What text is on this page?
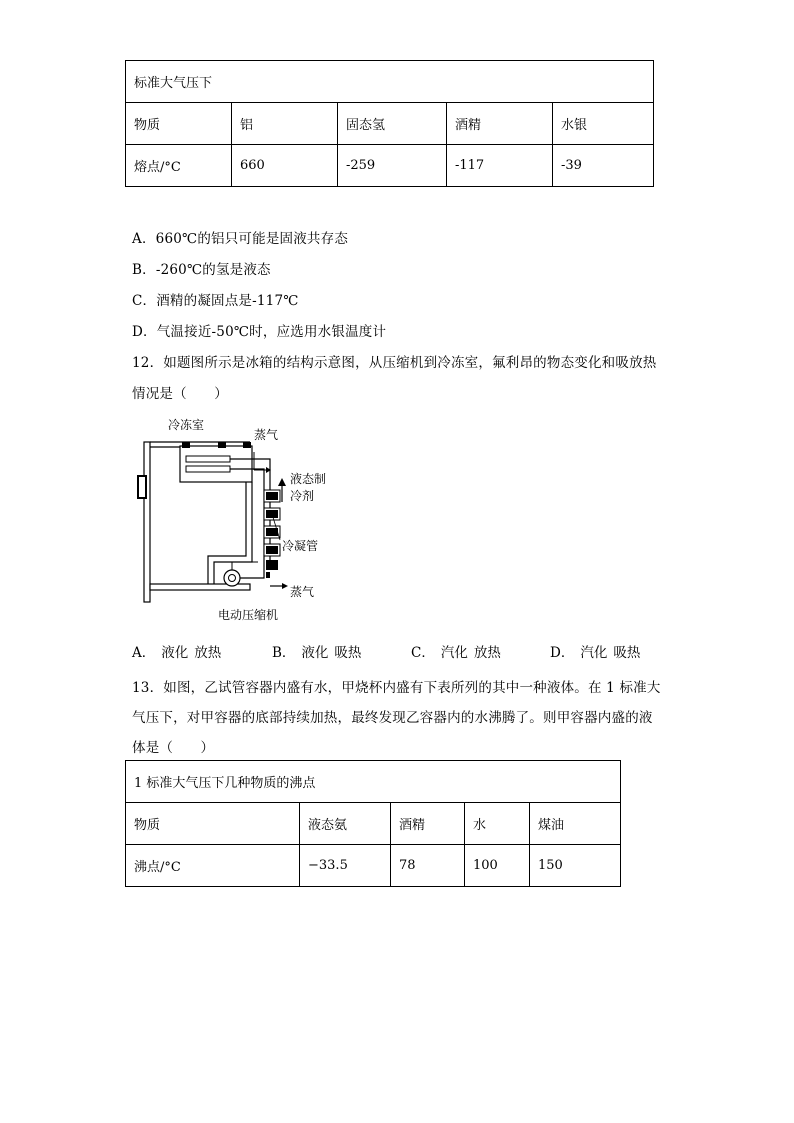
标准大气压下				
物质	铝	固态氢	酒精	水银
熔点/°C	660	-259	-117	-39
A．660℃的铝只可能是固液共存态
B．-260℃的氢是液态
C．酒精的凝固点是-117℃
D．气温接近-50℃时，应选用水银温度计
12．如题图所示是冰箱的结构示意图，从压缩机到冷冻室，氟利昂的物态变化和吸放热
情况是（　　）
冷冻室
蒸气
液态制
冷剂
冷凝管
蒸气
电动压缩机
A． 液化 放热	B． 液化 吸热	C． 汽化 放热	D． 汽化 吸热
13．如图，乙试管容器内盛有水，甲烧杯内盛有下表所列的其中一种液体。在 1 标准大
气压下，对甲容器的底部持续加热，最终发现乙容器内的水沸腾了。则甲容器内盛的液
体是（　　）
1 标准大气压下几种物质的沸点				
物质	液态氨	酒精	水	煤油
沸点/°C	−33.5	78	100	150
